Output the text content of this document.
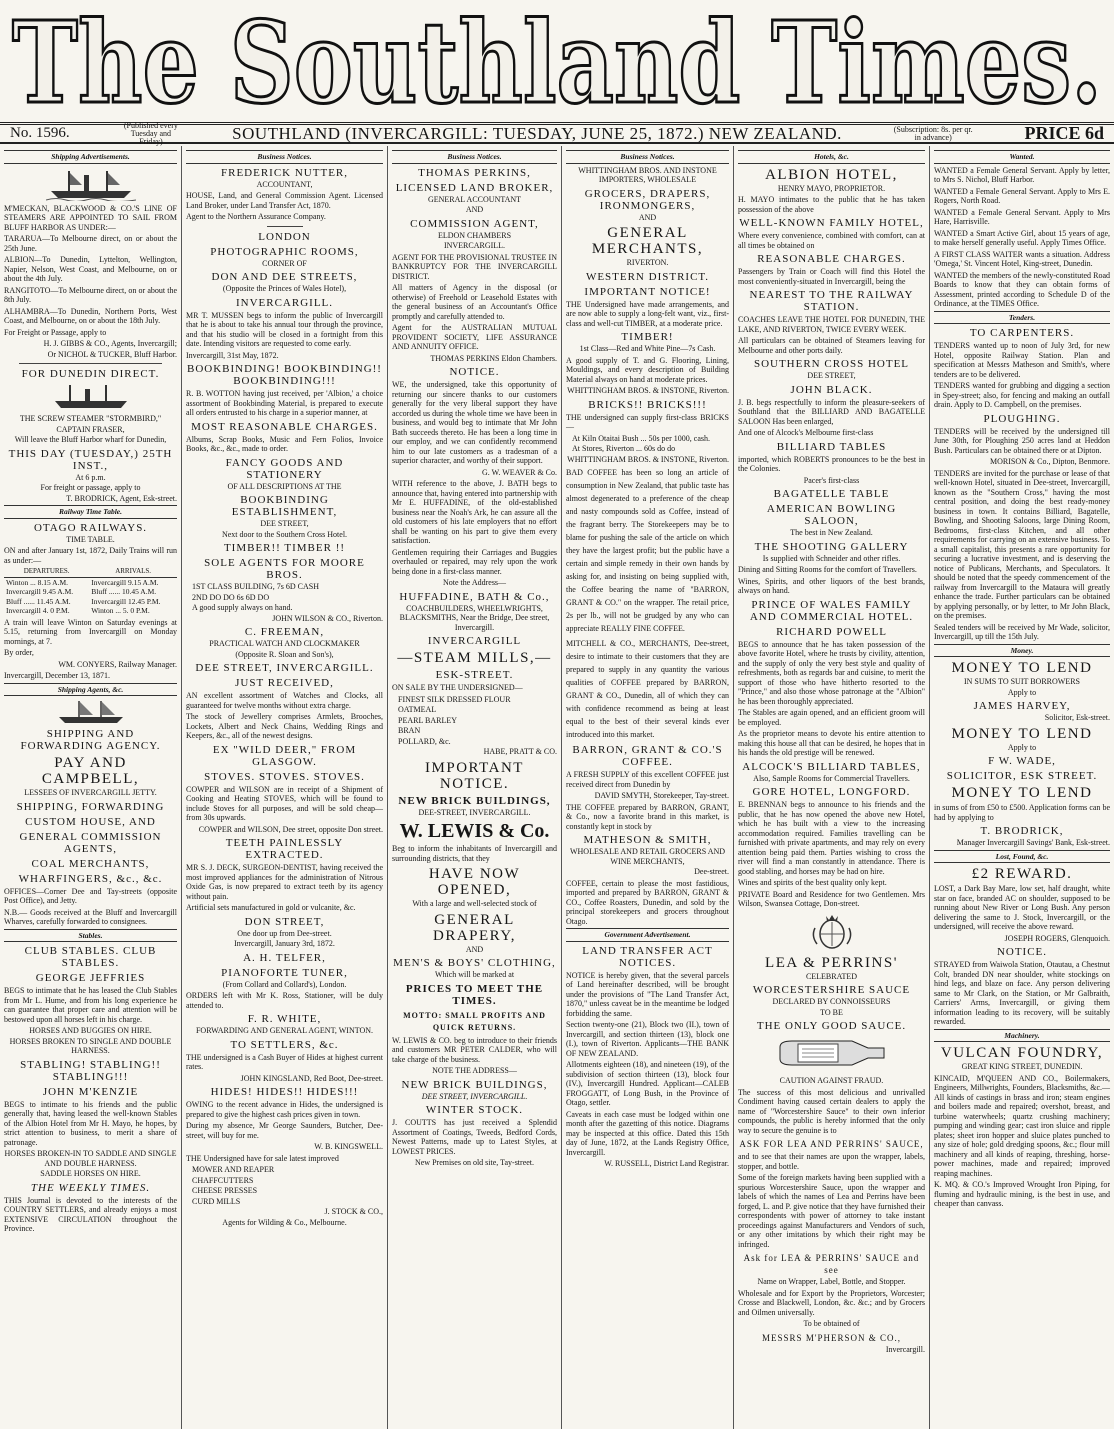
The Southland Times.
No. 1596.	(Published every Tuesday and Friday)	SOUTHLAND (INVERCARGILL: TUESDAY, JUNE 25, 1872.) NEW ZEALAND.	(Subscription: 8s. per qr. in advance)	PRICE 6d
Shipping Advertisements.

M'MECKAN, BLACKWOOD & CO.'S LINE OF STEAMERS ARE APPOINTED TO SAIL FROM BLUFF HARBOR AS UNDER:—

TARARUA—To Melbourne direct, on or about the 25th June.

ALBION—To Dunedin, Lyttelton, Wellington, Napier, Nelson, West Coast, and Melbourne, on or about the 4th July.

RANGITOTO—To Melbourne direct, on or about the 8th July.

ALHAMBRA—To Dunedin, Northern Ports, West Coast, and Melbourne, on or about the 18th July.

For Freight or Passage, apply to

H. J. GIBBS & CO., Agents, Invercargill;
Or NICHOL & TUCKER, Bluff Harbor.
FOR DUNEDIN DIRECT.
THE SCREW STEAMER "STORMBIRD,"
CAPTAIN FRASER,
Will leave the Bluff Harbor wharf for Dunedin,
THIS DAY (TUESDAY,) 25TH INST.,
At 6 p.m.
For freight or passage, apply to
T. BRODRICK, Agent, Esk-street.
Railway Time Table.
OTAGO RAILWAYS.
TIME TABLE.

ON and after January 1st, 1872, Daily Trains will run as under:—

DEPARTURES.	ARRIVALS.
Winton ... 8.15 A.M.	Invercargill 9.15 A.M.
Invercargill 9.45 A.M.	Bluff ...... 10.45 A.M.
Bluff ...... 11.45 A.M.	Invercargill 12.45 P.M.
Invercargill 4. 0 P.M.	Winton ... 5. 0 P.M.

A train will leave Winton on Saturday evenings at 5.15, returning from Invercargill on Monday mornings, at 7.

By order,

WM. CONYERS, Railway Manager.

Invercargill, December 13, 1871.

Shipping Agents, &c.
SHIPPING AND FORWARDING AGENCY.
PAY AND CAMPBELL,
LESSEES OF INVERCARGILL JETTY.
SHIPPING, FORWARDING
CUSTOM HOUSE, AND
GENERAL COMMISSION AGENTS,
COAL MERCHANTS,
WHARFINGERS, &c., &c.

OFFICES—Corner Dee and Tay-streets (opposite Post Office), and Jetty.

N.B.— Goods received at the Bluff and Invercargill Wharves, carefully forwarded to consignees.

Stables.
CLUB STABLES. CLUB STABLES.
GEORGE JEFFRIES

BEGS to intimate that he has leased the Club Stables from Mr L. Hume, and from his long experience he can guarantee that proper care and attention will be bestowed upon all horses left in his charge.

HORSES AND BUGGIES ON HIRE.
HORSES BROKEN TO SINGLE AND DOUBLE HARNESS.
STABLING! STABLING!! STABLING!!!
JOHN M'KENZIE

BEGS to intimate to his friends and the public generally that, having leased the well-known Stables of the Albion Hotel from Mr H. Mayo, he hopes, by strict attention to business, to merit a share of patronage.

HORSES BROKEN-IN TO SADDLE AND SINGLE AND DOUBLE HARNESS.
SADDLE HORSES ON HIRE.
THE WEEKLY TIMES.

THIS Journal is devoted to the interests of the COUNTRY SETTLERS, and already enjoys a most EXTENSIVE CIRCULATION throughout the Province.

Business Notices.
FREDERICK NUTTER,
ACCOUNTANT,

HOUSE, Land, and General Commission Agent. Licensed Land Broker, under Land Transfer Act, 1870.

Agent to the Northern Assurance Company.

LONDON
PHOTOGRAPHIC ROOMS,
CORNER OF
DON AND DEE STREETS,
(Opposite the Princes of Wales Hotel),
INVERCARGILL.

MR T. MUSSEN begs to inform the public of Invercargill that he is about to take his annual tour through the province, and that his studio will be closed in a fortnight from this date. Intending visitors are requested to come early.

Invercargill, 31st May, 1872.

BOOKBINDING! BOOKBINDING!! BOOKBINDING!!!

R. B. WOTTON having just received, per 'Albion,' a choice assortment of Bookbinding Material, is prepared to execute all orders entrusted to his charge in a superior manner, at

MOST REASONABLE CHARGES.

Albums, Scrap Books, Music and Fern Folios, Invoice Books, &c., &c., made to order.

FANCY GOODS AND STATIONERY
OF ALL DESCRIPTIONS AT THE
BOOKBINDING ESTABLISHMENT,
DEE STREET,
Next door to the Southern Cross Hotel.
TIMBER!! TIMBER !!
SOLE AGENTS FOR MOORE BROS.
1ST CLASS BUILDING, 7s 6D CASH
2ND DO DO 6s 6D DO
A good supply always on hand.
JOHN WILSON & CO., Riverton.
C. FREEMAN,
PRACTICAL WATCH AND CLOCKMAKER
(Opposite R. Sloan and Son's),
DEE STREET, INVERCARGILL.
JUST RECEIVED,

AN excellent assortment of Watches and Clocks, all guaranteed for twelve months without extra charge.

The stock of Jewellery comprises Armlets, Brooches, Lockets, Albert and Neck Chains, Wedding Rings and Keepers, &c., all of the newest designs.

EX "WILD DEER," FROM GLASGOW.
STOVES. STOVES. STOVES.

COWPER and WILSON are in receipt of a Shipment of Cooking and Heating STOVES, which will be found to include Stoves for all purposes, and will be sold cheap—from 30s upwards.

COWPER and WILSON, Dee street, opposite Don street.
TEETH PAINLESSLY EXTRACTED.

MR S. J. DECK, SURGEON-DENTIST, having received the most improved appliances for the administration of Nitrous Oxide Gas, is now prepared to extract teeth by its agency without pain.

Artificial sets manufactured in gold or vulcanite, &c.

DON STREET,
One door up from Dee-street.
Invercargill, January 3rd, 1872.
A. H. TELFER,
PIANOFORTE TUNER,
(From Collard and Collard's), London.

ORDERS left with Mr K. Ross, Stationer, will be duly attended to.

F. R. WHITE,
FORWARDING AND GENERAL AGENT, WINTON.
TO SETTLERS, &c.

THE undersigned is a Cash Buyer of Hides at highest current rates.

JOHN KINGSLAND, Red Boot, Dee-street.
HIDES! HIDES!! HIDES!!!

OWING to the recent advance in Hides, the undersigned is prepared to give the highest cash prices given in town.

During my absence, Mr George Saunders, Butcher, Dee-street, will buy for me.

W. B. KINGSWELL.

THE Undersigned have for sale latest improved

MOWER AND REAPER
CHAFFCUTTERS
CHEESE PRESSES
CURD MILLS
J. STOCK & CO.,
Agents for Wilding & Co., Melbourne.
Business Notices.
THOMAS PERKINS,
LICENSED LAND BROKER,
GENERAL ACCOUNTANT
AND
COMMISSION AGENT,
ELDON CHAMBERS
INVERCARGILL.

AGENT FOR THE PROVISIONAL TRUSTEE IN BANKRUPTCY FOR THE INVERCARGILL DISTRICT.

All matters of Agency in the disposal (or otherwise) of Freehold or Leasehold Estates with the general business of an Accountant's Office promptly and carefully attended to.

Agent for the AUSTRALIAN MUTUAL PROVIDENT SOCIETY, LIFE ASSURANCE AND ANNUITY OFFICE.

THOMAS PERKINS Eldon Chambers.
NOTICE.

WE, the undersigned, take this opportunity of returning our sincere thanks to our customers generally for the very liberal support they have accorded us during the whole time we have been in business, and would beg to intimate that Mr John Bath succeeds thereto. He has been a long time in our employ, and we can confidently recommend him to our late customers as a tradesman of a superior character, and worthy of their support.

G. W. WEAVER & Co.

WITH reference to the above, J. BATH begs to announce that, having entered into partnership with Mr E. HUFFADINE, of the old-established business near the Noah's Ark, he can assure all the old customers of his late employers that no effort shall be wanting on his part to give them every satisfaction.

Gentlemen requiring their Carriages and Buggies overhauled or repaired, may rely upon the work being done in a first-class manner.

Note the Address—
HUFFADINE, BATH & Co.,
COACHBUILDERS, WHEELWRIGHTS, BLACKSMITHS, Near the Bridge, Dee street, Invercargill.
INVERCARGILL
—STEAM MILLS,—
ESK-STREET.

ON SALE BY THE UNDERSIGNED—

FINEST SILK DRESSED FLOUR
OATMEAL
PEARL BARLEY
BRAN
POLLARD, &c.
HABE, PRATT & CO.
IMPORTANT NOTICE.
NEW BRICK BUILDINGS,
DEE-STREET, INVERCARGILL.
W. LEWIS & Co.

Beg to inform the inhabitants of Invercargill and surrounding districts, that they

HAVE NOW OPENED,
With a large and well-selected stock of
GENERAL DRAPERY,
AND
MEN'S & BOYS' CLOTHING,
Which will be marked at
PRICES TO MEET THE TIMES.
MOTTO: SMALL PROFITS AND QUICK RETURNS.

W. LEWIS & CO. beg to introduce to their friends and customers MR PETER CALDER, who will take charge of the business.

NOTE THE ADDRESS—
NEW BRICK BUILDINGS,
DEE STREET, INVERCARGILL.
WINTER STOCK.

J. COUTTS has just received a Splendid Assortment of Coatings, Tweeds, Bedford Cords, Newest Patterns, made up to Latest Styles, at LOWEST PRICES.

New Premises on old site, Tay-street.
Business Notices.
WHITTINGHAM BROS. AND INSTONE IMPORTERS, WHOLESALE
GROCERS, DRAPERS, IRONMONGERS,
AND
GENERAL MERCHANTS,
RIVERTON.
WESTERN DISTRICT.
IMPORTANT NOTICE!

THE Undersigned have made arrangements, and are now able to supply a long-felt want, viz., first-class and well-cut TIMBER, at a moderate price.

TIMBER!
1st Class—Red and White Pine—7s Cash.

A good supply of T. and G. Flooring, Lining, Mouldings, and every description of Building Material always on hand at moderate prices.

WHITTINGHAM BROS. & INSTONE, Riverton.
BRICKS!! BRICKS!!!

THE undersigned can supply first-class BRICKS—

At Kiln Otaitai Bush ... 50s per 1000, cash.
At Stores, Riverton ... 60s do do
WHITTINGHAM BROS. & INSTONE, Riverton.

BAD COFFEE has been so long an article of consumption in New Zealand, that public taste has almost degenerated to a preference of the cheap and nasty compounds sold as Coffee, instead of the fragrant berry. The Storekeepers may be to blame for pushing the sale of the article on which they have the largest profit; but the public have a certain and simple remedy in their own hands by asking for, and insisting on being supplied with, the Coffee bearing the name of "BARRON, GRANT & CO." on the wrapper. The retail price, 2s per lb., will not be grudged by any who can appreciate REALLY FINE COFFEE.

MITCHELL & CO., MERCHANTS, Dee-street, desire to intimate to their customers that they are prepared to supply in any quantity the various qualities of COFFEE prepared by BARRON, GRANT & CO., Dunedin, all of which they can with confidence recommend as being at least equal to the best of their several kinds ever introduced into this market.

BARRON, GRANT & CO.'S COFFEE.

A FRESH SUPPLY of this excellent COFFEE just received direct from Dunedin by

DAVID SMYTH, Storekeeper, Tay-street.

THE COFFEE prepared by BARRON, GRANT, & Co., now a favorite brand in this market, is constantly kept in stock by

MATHESON & SMITH,
WHOLESALE AND RETAIL GROCERS AND WINE MERCHANTS,
Dee-street.

COFFEE, certain to please the most fastidious, imported and prepared by BARRON, GRANT & CO., Coffee Roasters, Dunedin, and sold by the principal storekeepers and grocers throughout Otago.

Government Advertisement.
LAND TRANSFER ACT NOTICES.

NOTICE is hereby given, that the several parcels of Land hereinafter described, will be brought under the provisions of "The Land Transfer Act, 1870," unless caveat be in the meantime be lodged forbidding the same.

Section twenty-one (21), Block two (II.), town of Invercargill, and section thirteen (13), block one (I.), town of Riverton. Applicants—THE BANK OF NEW ZEALAND.

Allotments eighteen (18), and nineteen (19), of the subdivision of section thirteen (13), block four (IV.), Invercargill Hundred. Applicant—CALEB FROGGATT, of Long Bush, in the Province of Otago, settler.

Caveats in each case must be lodged within one month after the gazetting of this notice. Diagrams may be inspected at this office. Dated this 15th day of June, 1872, at the Lands Registry Office, Invercargill.

W. RUSSELL, District Land Registrar.
Hotels, &c.
ALBION HOTEL,
HENRY MAYO, PROPRIETOR.

H. MAYO intimates to the public that he has taken possession of the above

WELL-KNOWN FAMILY HOTEL,

Where every convenience, combined with comfort, can at all times be obtained on

REASONABLE CHARGES.

Passengers by Train or Coach will find this Hotel the most conveniently-situated in Invercargill, being the

NEAREST TO THE RAILWAY STATION.

COACHES LEAVE THE HOTEL FOR DUNEDIN, THE LAKE, AND RIVERTON, TWICE EVERY WEEK.

All particulars can be obtained of Steamers leaving for Melbourne and other ports daily.

SOUTHERN CROSS HOTEL
DEE STREET,
JOHN BLACK.

J. B. begs respectfully to inform the pleasure-seekers of Southland that the BILLIARD AND BAGATELLE SALOON Has been enlarged,

And one of Alcock's Melbourne first-class

BILLIARD TABLES

imported, which ROBERTS pronounces to be the best in the Colonies.

Pacer's first-class
BAGATELLE TABLE
AMERICAN BOWLING SALOON,
The best in New Zealand.
THE SHOOTING GALLERY
Is supplied with Schneider and other rifles.

Dining and Sitting Rooms for the comfort of Travellers.

Wines, Spirits, and other liquors of the best brands, always on hand.

PRINCE OF WALES FAMILY AND COMMERCIAL HOTEL.
RICHARD POWELL

BEGS to announce that he has taken possession of the above favorite Hotel, where he trusts by civility, attention, and the supply of only the very best style and quality of refreshments, both as regards bar and cuisine, to merit the support of those who have hitherto resorted to the "Prince," and also those whose patronage at the "Albion" he has been thoroughly appreciated.

The Stables are again opened, and an efficient groom will be employed.

As the proprietor means to devote his entire attention to making this house all that can be desired, he hopes that in his hands the old prestige will be renewed.

ALCOCK'S BILLIARD TABLES,
Also, Sample Rooms for Commercial Travellers.
GORE HOTEL, LONGFORD.

E. BRENNAN begs to announce to his friends and the public, that he has now opened the above new Hotel, which he has built with a view to the increasing accommodation required. Families travelling can be furnished with private apartments, and may rely on every attention being paid them. Parties wishing to cross the river will find a man constantly in attendance. There is good stabling, and horses may be had on hire.

Wines and spirits of the best quality only kept.

PRIVATE Board and Residence for two Gentlemen. Mrs Wilson, Swansea Cottage, Don-street.

LEA & PERRINS'
CELEBRATED
WORCESTERSHIRE SAUCE
DECLARED BY CONNOISSEURS
TO BE
THE ONLY GOOD SAUCE.
CAUTION AGAINST FRAUD.

The success of this most delicious and unrivalled Condiment having caused certain dealers to apply the name of "Worcestershire Sauce" to their own inferior compounds, the public is hereby informed that the only way to secure the genuine is to

ASK FOR LEA AND PERRINS' SAUCE,

and to see that their names are upon the wrapper, labels, stopper, and bottle.

Some of the foreign markets having been supplied with a spurious Worcestershire Sauce, upon the wrapper and labels of which the names of Lea and Perrins have been forged, L. and P. give notice that they have furnished their correspondents with power of attorney to take instant proceedings against Manufacturers and Vendors of such, or any other imitations by which their right may be infringed.

Ask for LEA & PERRINS' SAUCE and see
Name on Wrapper, Label, Bottle, and Stopper.

Wholesale and for Export by the Proprietors, Worcester; Crosse and Blackwell, London, &c. &c.; and by Grocers and Oilmen universally.

To be obtained of
MESSRS M'PHERSON & CO.,
Invercargill.
Wanted.

WANTED a Female General Servant. Apply by letter, to Mrs S. Nichol, Bluff Harbor.

WANTED a Female General Servant. Apply to Mrs E. Rogers, North Road.

WANTED a Female General Servant. Apply to Mrs Hare, Harrisville.

WANTED a Smart Active Girl, about 15 years of age, to make herself generally useful. Apply Times Office.

A FIRST CLASS WAITER wants a situation. Address 'Omega,' St. Vincent Hotel, King-street, Dunedin.

WANTED the members of the newly-constituted Road Boards to know that they can obtain forms of Assessment, printed according to Schedule D of the Ordinance, at the TIMES Office.

Tenders.
TO CARPENTERS.

TENDERS wanted up to noon of July 3rd, for new Hotel, opposite Railway Station. Plan and specification at Messrs Matheson and Smith's, where tenders are to be delivered.

TENDERS wanted for grubbing and digging a section in Spey-street; also, for fencing and making an outfall drain. Apply to D. Campbell, on the premises.

PLOUGHING.

TENDERS will be received by the undersigned till June 30th, for Ploughing 250 acres land at Heddon Bush. Particulars can be obtained there or at Dipton.

MORISON & Co., Dipton, Benmore.

TENDERS are invited for the purchase or lease of that well-known Hotel, situated in Dee-street, Invercargill, known as the "Southern Cross," having the most central position, and doing the best ready-money business in town. It contains Billiard, Bagatelle, Bowling, and Shooting Saloons, large Dining Room, Bedrooms, first-class Kitchen, and all other requirements for carrying on an extensive business. To a small capitalist, this presents a rare opportunity for securing a lucrative investment, and is deserving the notice of Publicans, Merchants, and Speculators. It should be noted that the speedy commencement of the railway from Invercargill to the Mataura will greatly enhance the trade. Further particulars can be obtained by applying personally, or by letter, to Mr John Black, on the premises.

Sealed tenders will be received by Mr Wade, solicitor, Invercargill, up till the 15th July.

Money.
MONEY TO LEND
IN SUMS TO SUIT BORROWERS
Apply to
JAMES HARVEY,
Solicitor, Esk-street.
MONEY TO LEND
Apply to
F W. WADE,
SOLICITOR, ESK STREET.
MONEY TO LEND

in sums of from £50 to £500. Application forms can be had by applying to

T. BRODRICK,
Manager Invercargill Savings' Bank, Esk-street.
Lost, Found, &c.
£2 REWARD.

LOST, a Dark Bay Mare, low set, half draught, white star on face, branded AC on shoulder, supposed to be running about New River or Long Bush. Any person delivering the same to J. Stock, Invercargill, or the undersigned, will receive the above reward.

JOSEPH ROGERS, Glenquoich.
NOTICE.

STRAYED from Waiwola Station, Otautau, a Chestnut Colt, branded DN near shoulder, white stockings on hind legs, and blaze on face. Any person delivering same to Mr Clark, on the Station, or Mr Galbraith, Carriers' Arms, Invercargill, or giving them information leading to its recovery, will be suitably rewarded.

Machinery.
VULCAN FOUNDRY,
GREAT KING STREET, DUNEDIN.

KINCAID, M'QUEEN AND CO., Boilermakers, Engineers, Millwrights, Founders, Blacksmiths, &c.—All kinds of castings in brass and iron; steam engines and boilers made and repaired; overshot, breast, and turbine waterwheels; quartz crushing machinery; pumping and winding gear; cast iron sluice and ripple plates; sheet iron hopper and sluice plates punched to any size of hole; gold dredging spoons, &c.; flour mill machinery and all kinds of reaping, threshing, horse-power machines, made and repaired; improved reaping machines.

K. MQ. & CO.'s Improved Wrought Iron Piping, for fluming and hydraulic mining, is the best in use, and cheaper than canvass.
